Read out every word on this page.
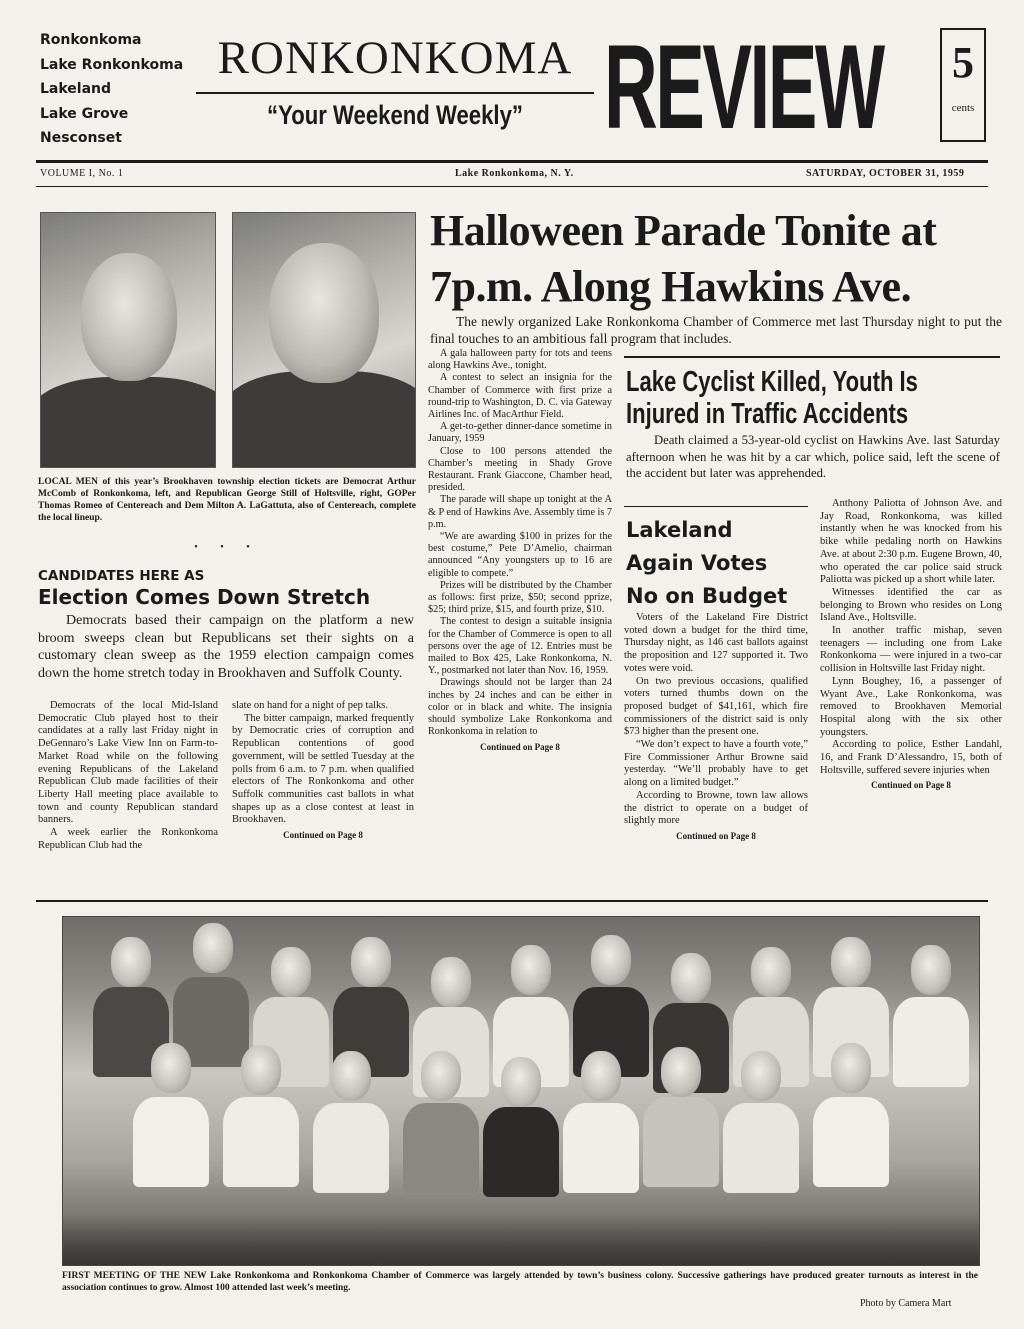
Ronkonkoma
Lake Ronkonkoma
Lakeland
Lake Grove
Nesconset
RONKONKOMA
“Your Weekend Weekly” REVIEW 5
cents
VOLUME I, No. 1	Lake Ronkonkoma, N. Y.	SATURDAY, OCTOBER 31, 1959
LOCAL MEN of this year’s Brookhaven township election tickets are Democrat Arthur McComb of Ronkonkoma, left, and Republican George Still of Holtsville, right, GOPer Thomas Romeo of Centereach and Dem Milton A. LaGattuta, also of Centereach, complete the local lineup.
• • •
CANDIDATES HERE AS
Election Comes Down Stretch
Democrats based their campaign on the platform a new broom sweeps clean but Republicans set their sights on a customary clean sweep as the 1959 election campaign comes down the home stretch today in Brookhaven and Suffolk County.

Democrats of the local Mid-Island Democratic Club played host to their candidates at a rally last Friday night in DeGennaro’s Lake View Inn on Farm-to-Market Road while on the following evening Republicans of the Lakeland Republican Club made facilities of their Liberty Hall meeting place available to town and county Republican standard banners.

A week earlier the Ronkonkoma Republican Club had the

slate on hand for a night of pep talks.

The bitter campaign, marked frequently by Democratic cries of corruption and Republican contentions of good government, will be settled Tuesday at the polls from 6 a.m. to 7 p.m. when qualified electors of The Ronkonkoma and other Suffolk communities cast ballots in what shapes up as a close contest at least in Brookhaven.

Continued on Page 8
Halloween Parade Tonite at
7p.m. Along Hawkins Ave.
The newly organized Lake Ronkonkoma Chamber of Commerce met last Thursday night to put the final touches to an ambitious fall program that includes.

A gala halloween party for tots and teens along Hawkins Ave., tonight.

A contest to select an insignia for the Chamber of Commerce with first prize a round-trip to Washington, D. C. via Gateway Airlines Inc. of MacArthur Field.

A get-to-gether dinner-dance sometime in January, 1959

Close to 100 persons attended the Chamber’s meeting in Shady Grove Restaurant. Frank Giaccone, Chamber head, presided.

The parade will shape up tonight at the A & P end of Hawkins Ave. Assembly time is 7 p.m.

“We are awarding $100 in prizes for the best costume,” Pete D’Amelio, chairman announced “Any youngsters up to 16 are eligible to compete.”

Prizes will be distributed by the Chamber as follows: first prize, $50; second pprize, $25; third prize, $15, and fourth prize, $10.

The contest to design a suitable insignia for the Chamber of Commerce is open to all persons over the age of 12. Entries must be mailed to Box 425, Lake Ronkonkoma, N. Y., postmarked not later than Nov. 16, 1959.

Drawings should not be larger than 24 inches by 24 inches and can be either in color or in black and white. The insignia should symbolize Lake Ronkonkoma and Ronkonkoma in relation to

Continued on Page 8
Lake Cyclist Killed, Youth Is
Injured in Traffic Accidents
Death claimed a 53-year-old cyclist on Hawkins Ave. last Saturday afternoon when he was hit by a car which, police said, left the scene of the accident but later was apprehended.

Anthony Paliotta of Johnson Ave. and Jay Road, Ronkonkoma, was killed instantly when he was knocked from his bike while pedaling north on Hawkins Ave. at about 2:30 p.m. Eugene Brown, 40, who operated the car police said struck Paliotta was picked up a short while later.

Witnesses identified the car as belonging to Brown who resides on Long Island Ave., Holtsville.

In another traffic mishap, seven teenagers — including one from Lake Ronkonkoma — were injured in a two-car collision in Holtsville last Friday night.

Lynn Boughey, 16, a passenger of Wyant Ave., Lake Ronkonkoma, was removed to Brookhaven Memorial Hospital along with the six other youngsters.

According to police, Esther Landahl, 16, and Frank D’Alessandro, 15, both of Holtsville, suffered severe injuries when

Continued on Page 8
Lakeland
Again Votes
No on Budget

Voters of the Lakeland Fire District voted down a budget for the third time, Thursday night, as 146 cast ballots against the proposition and 127 supported it. Two votes were void.

On two previous occasions, qualified voters turned thumbs down on the proposed budget of $41,161, which fire commissioners of the district said is only $73 higher than the present one.

“We don’t expect to have a fourth vote,” Fire Commissioner Arthur Browne said yesterday. “We’ll probably have to get along on a limited budget.”

According to Browne, town law allows the district to operate on a budget of slightly more

Continued on Page 8
FIRST MEETING OF THE NEW Lake Ronkonkoma and Ronkonkoma Chamber of Commerce was largely attended by town’s business colony. Successive gatherings have produced greater turnouts as interest in the association continues to grow. Almost 100 attended last week’s meeting.
Photo by Camera Mart
